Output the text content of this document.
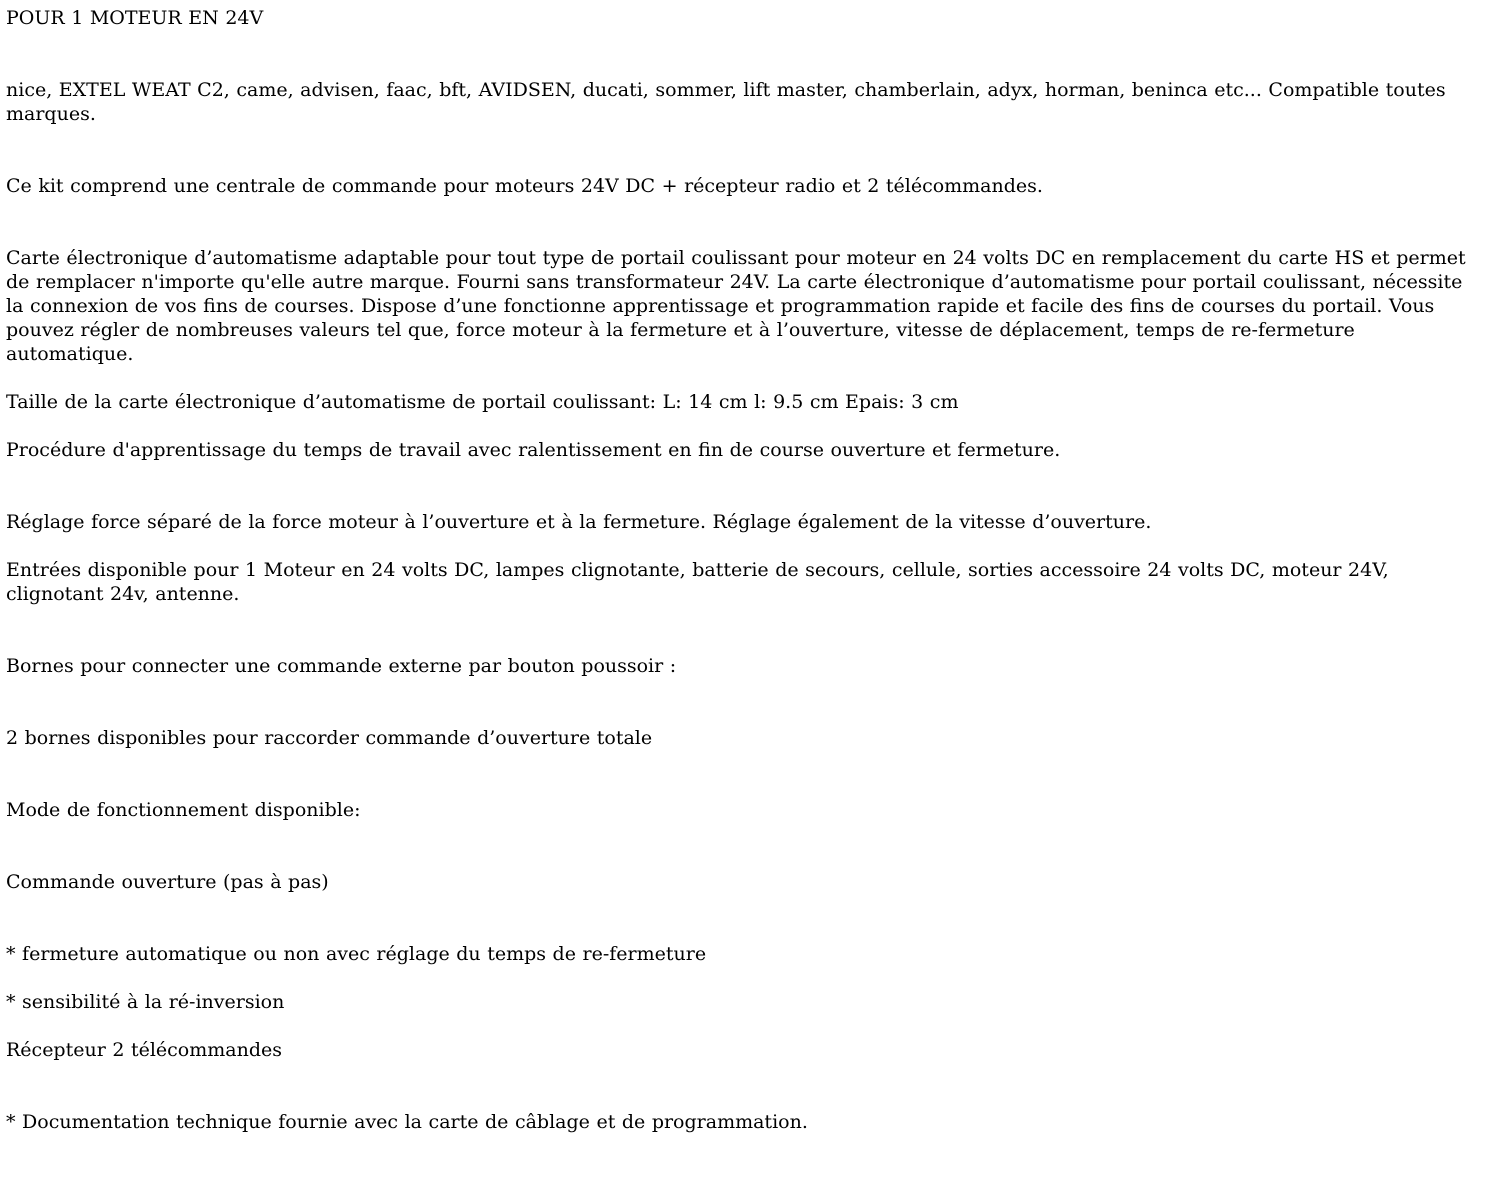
POUR 1 MOTEUR EN 24V

nice, EXTEL WEAT C2, came, advisen, faac, bft, AVIDSEN, ducati, sommer, lift master, chamberlain, adyx, horman, beninca etc... Compatible toutes marques.

Ce kit comprend une centrale de commande pour moteurs 24V DC + récepteur radio et 2 télécommandes.

Carte électronique d’automatisme adaptable pour tout type de portail coulissant pour moteur en 24 volts DC en remplacement du carte HS et permet de remplacer n'importe qu'elle autre marque. Fourni sans transformateur 24V. La carte électronique d’automatisme pour portail coulissant, nécessite la connexion de vos fins de courses. Dispose d’une fonctionne apprentissage et programmation rapide et facile des fins de courses du portail. Vous pouvez régler de nombreuses valeurs tel que, force moteur à la fermeture et à l’ouverture, vitesse de déplacement, temps de re-fermeture automatique.

Taille de la carte électronique d’automatisme de portail coulissant: L: 14 cm l: 9.5 cm Epais: 3 cm

Procédure d'apprentissage du temps de travail avec ralentissement en fin de course ouverture et fermeture.

Réglage force séparé de la force moteur à l’ouverture et à la fermeture. Réglage également de la vitesse d’ouverture.

Entrées disponible pour 1 Moteur en 24 volts DC, lampes clignotante, batterie de secours, cellule, sorties accessoire 24 volts DC, moteur 24V, clignotant 24v, antenne.

Bornes pour connecter une commande externe par bouton poussoir :

2 bornes disponibles pour raccorder commande d’ouverture totale

Mode de fonctionnement disponible:

Commande ouverture (pas à pas)

* fermeture automatique ou non avec réglage du temps de re-fermeture

* sensibilité à la ré-inversion

Récepteur 2 télécommandes

* Documentation technique fournie avec la carte de câblage et de programmation.
